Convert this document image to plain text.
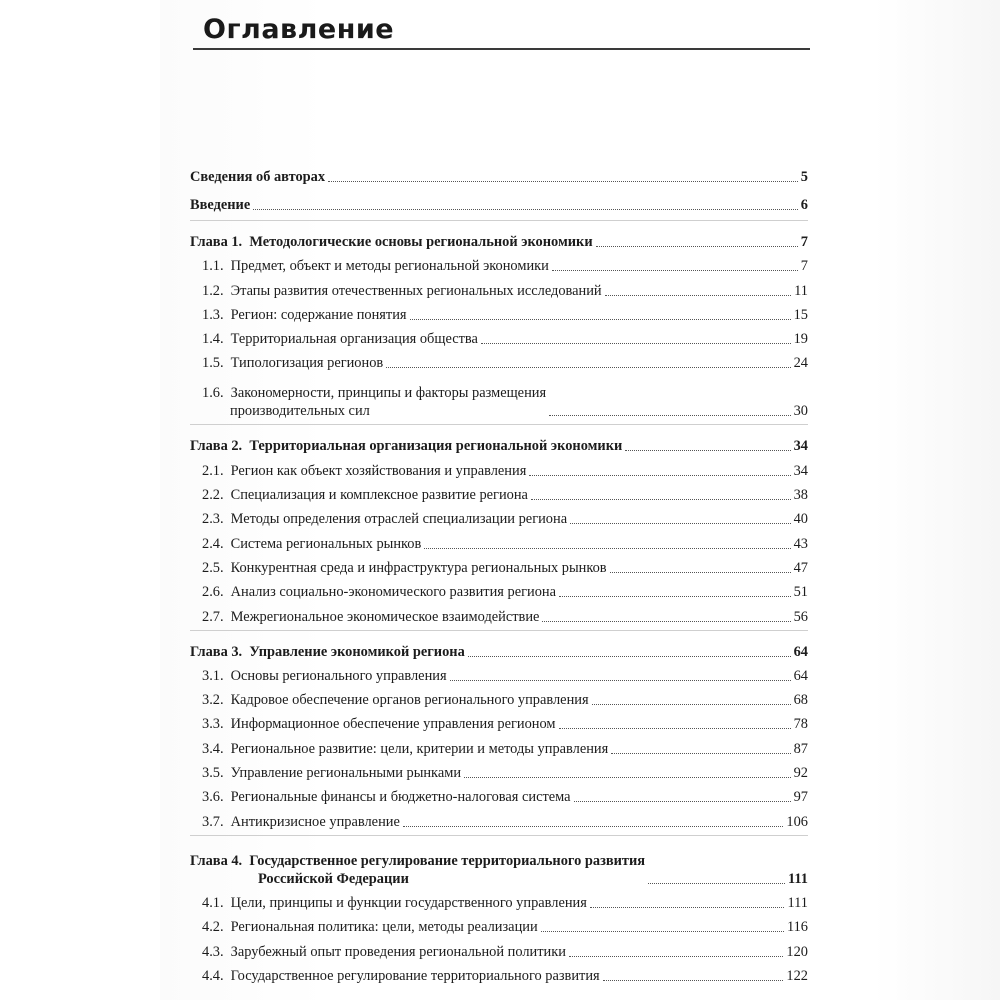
Оглавление
Сведения об авторах	5
Введение	6
Глава 1. Методологические основы региональной экономики	7
1.1. Предмет, объект и методы региональной экономики	7
1.2. Этапы развития отечественных региональных исследований	11
1.3. Регион: содержание понятия	15
1.4. Территориальная организация общества	19
1.5. Типологизация регионов	24
1.6. Закономерности, принципы и факторы размещения
производительных сил	30
Глава 2. Территориальная организация региональной экономики	34
2.1. Регион как объект хозяйствования и управления	34
2.2. Специализация и комплексное развитие региона	38
2.3. Методы определения отраслей специализации региона	40
2.4. Система региональных рынков	43
2.5. Конкурентная среда и инфраструктура региональных рынков	47
2.6. Анализ социально-экономического развития региона	51
2.7. Межрегиональное экономическое взаимодействие	56
Глава 3. Управление экономикой региона	64
3.1. Основы регионального управления	64
3.2. Кадровое обеспечение органов регионального управления	68
3.3. Информационное обеспечение управления регионом	78
3.4. Региональное развитие: цели, критерии и методы управления	87
3.5. Управление региональными рынками	92
3.6. Региональные финансы и бюджетно-налоговая система	97
3.7. Антикризисное управление	106
Глава 4. Государственное регулирование территориального развития
Российской Федерации	111
4.1. Цели, принципы и функции государственного управления	111
4.2. Региональная политика: цели, методы реализации	116
4.3. Зарубежный опыт проведения региональной политики	120
4.4. Государственное регулирование территориального развития	122
